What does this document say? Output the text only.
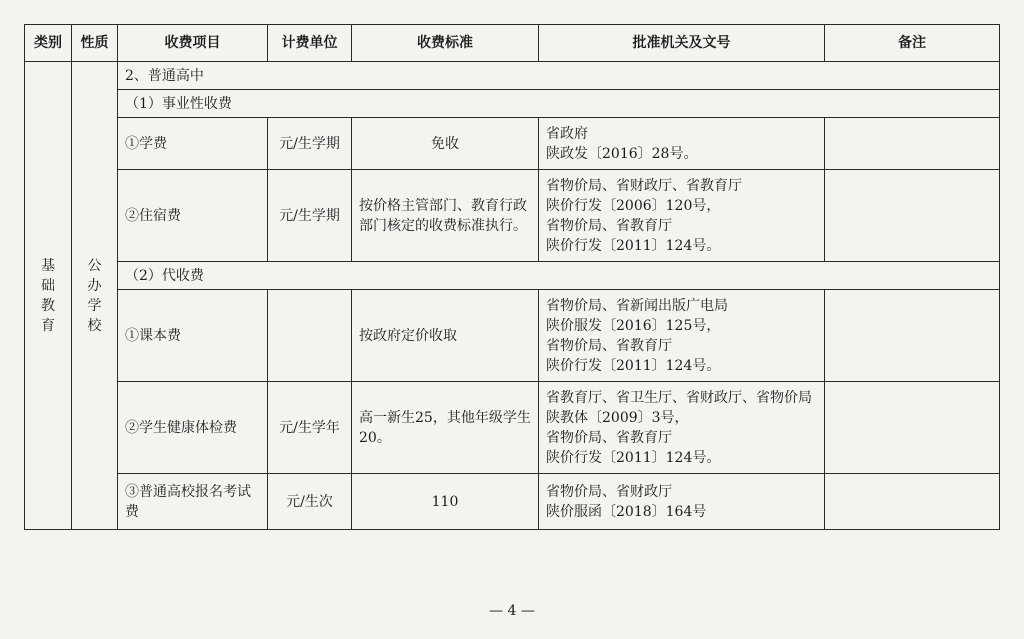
类别	性质	收费项目	计费单位	收费标准	批准机关及文号	备注

基
础
教
育	公
办
学
校	2、普通高中				
		（1）事业性收费				
		①学费	元/生学期	免收	省政府
陕政发〔2016〕28号。	

		②住宿费	元/生学期	按价格主管部门、教育行政部门核定的收费标准执行。	省物价局、省财政厅、省教育厅
陕价行发〔2006〕120号，
省物价局、省教育厅
陕价行发〔2011〕124号。	

		（2）代收费				
		①课本费		按政府定价收取	省物价局、省新闻出版广电局
陕价服发〔2016〕125号，
省物价局、省教育厅
陕价行发〔2011〕124号。	

		②学生健康体检费	元/生学年	高一新生25，其他年级学生20。	省教育厅、省卫生厅、省财政厅、省物价局
陕教体〔2009〕3号，
省物价局、省教育厅
陕价行发〔2011〕124号。	

		③普通高校报名考试费	元/生次	110	省物价局、省财政厅
陕价服函〔2018〕164号	

— 4 —
